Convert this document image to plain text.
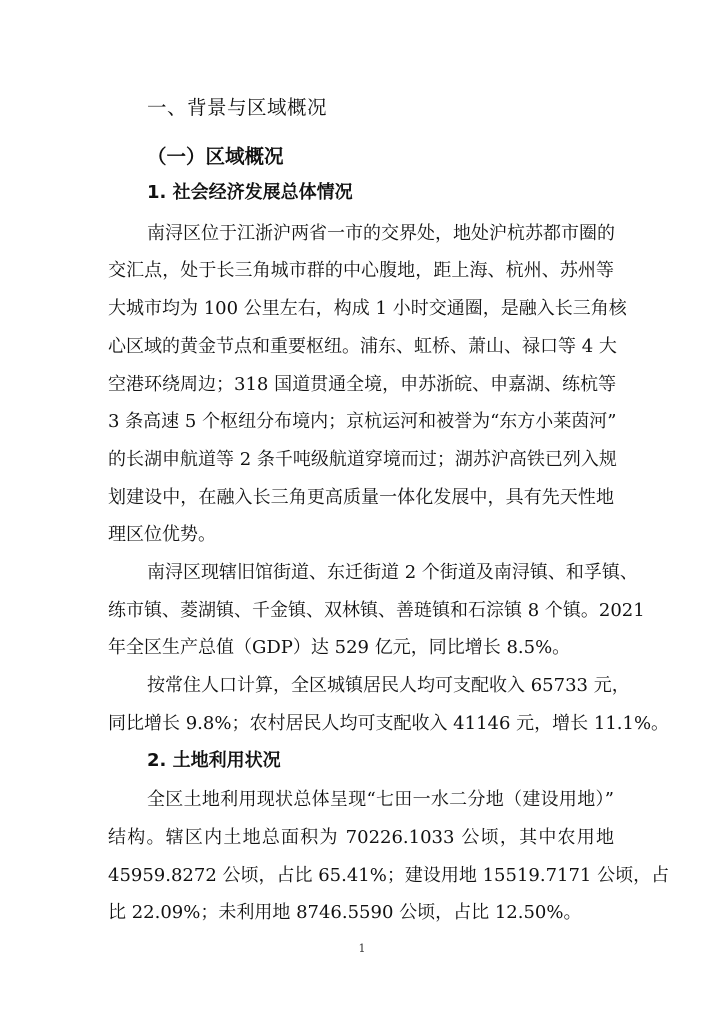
一、背景与区域概况
（一）区域概况
1. 社会经济发展总体情况
南浔区位于江浙沪两省一市的交界处，地处沪杭苏都市圈的
交汇点，处于长三角城市群的中心腹地，距上海、杭州、苏州等
大城市均为 100 公里左右，构成 1 小时交通圈，是融入长三角核
心区域的黄金节点和重要枢纽。浦东、虹桥、萧山、禄口等 4 大
空港环绕周边；318 国道贯通全境，申苏浙皖、申嘉湖、练杭等
3 条高速 5 个枢纽分布境内；京杭运河和被誉为“东方小莱茵河”
的长湖申航道等 2 条千吨级航道穿境而过；湖苏沪高铁已列入规
划建设中，在融入长三角更高质量一体化发展中，具有先天性地
理区位优势。
南浔区现辖旧馆街道、东迁街道 2 个街道及南浔镇、和孚镇、
练市镇、菱湖镇、千金镇、双林镇、善琏镇和石淙镇 8 个镇。2021
年全区生产总值（GDP）达 529 亿元，同比增长 8.5%。
按常住人口计算，全区城镇居民人均可支配收入 65733 元，
同比增长 9.8%；农村居民人均可支配收入 41146 元，增长 11.1%。
2. 土地利用状况
全区土地利用现状总体呈现“七田一水二分地（建设用地）”
结构。辖区内土地总面积为 70226.1033 公顷，其中农用地
45959.8272 公顷，占比 65.41%；建设用地 15519.7171 公顷，占
比 22.09%；未利用地 8746.5590 公顷，占比 12.50%。
1
